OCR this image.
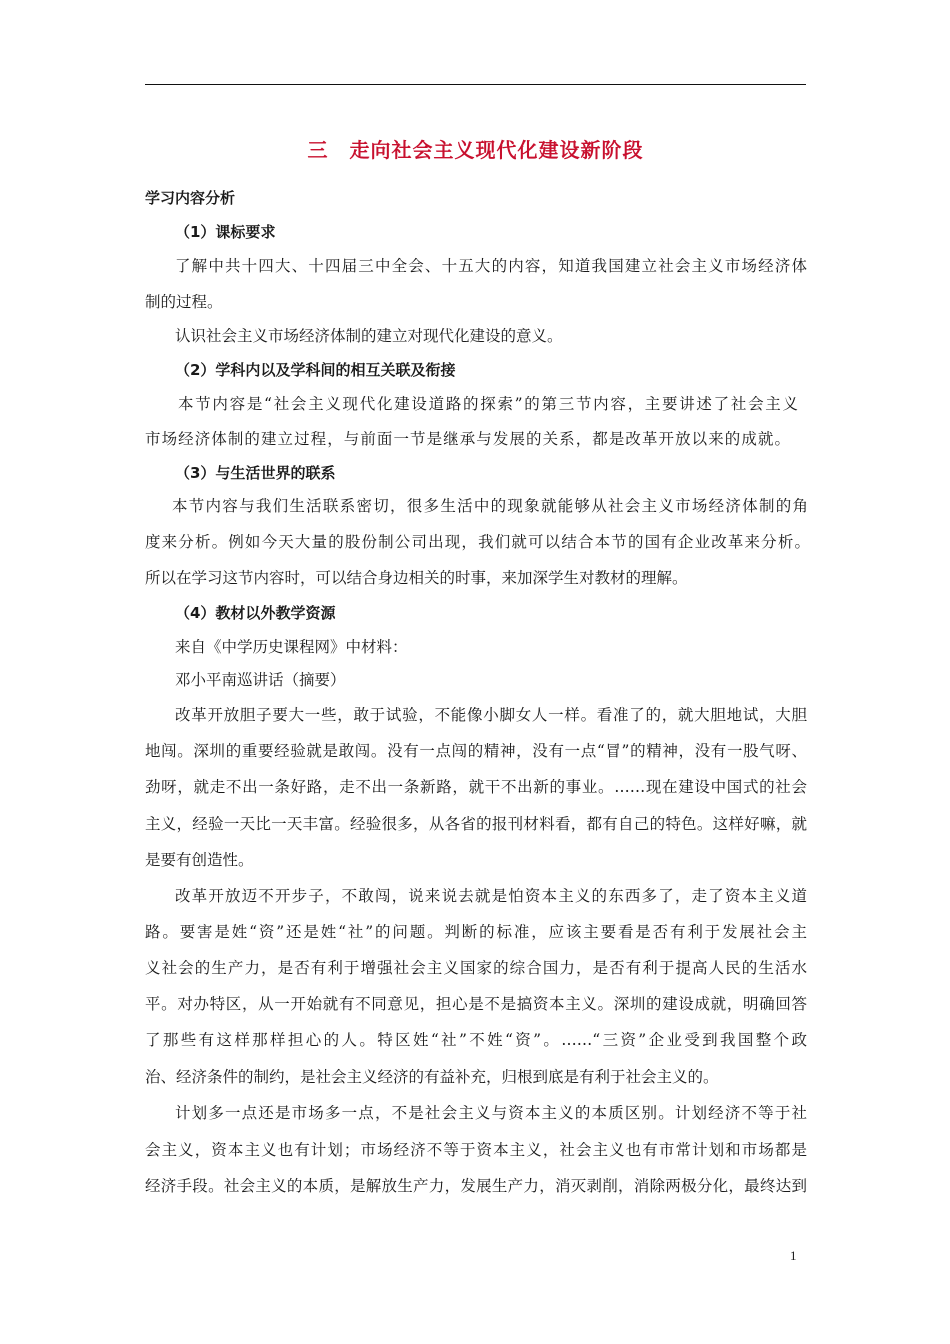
三　走向社会主义现代化建设新阶段
学习内容分析
（1）课标要求
了解中共十四大、十四届三中全会、十五大的内容，知道我国建立社会主义市场经济体
制的过程。
认识社会主义市场经济体制的建立对现代化建设的意义。
（2）学科内以及学科间的相互关联及衔接
本节内容是“社会主义现代化建设道路的探索”的第三节内容，主要讲述了社会主义
市场经济体制的建立过程，与前面一节是继承与发展的关系，都是改革开放以来的成就。
（3）与生活世界的联系
本节内容与我们生活联系密切，很多生活中的现象就能够从社会主义市场经济体制的角
度来分析。例如今天大量的股份制公司出现，我们就可以结合本节的国有企业改革来分析。
所以在学习这节内容时，可以结合身边相关的时事，来加深学生对教材的理解。
（4）教材以外教学资源
来自《中学历史课程网》中材料：
邓小平南巡讲话（摘要）
改革开放胆子要大一些，敢于试验，不能像小脚女人一样。看准了的，就大胆地试，大胆
地闯。深圳的重要经验就是敢闯。没有一点闯的精神，没有一点“冒”的精神，没有一股气呀、
劲呀，就走不出一条好路，走不出一条新路，就干不出新的事业。……现在建设中国式的社会
主义，经验一天比一天丰富。经验很多，从各省的报刊材料看，都有自己的特色。这样好嘛，就
是要有创造性。
改革开放迈不开步子，不敢闯，说来说去就是怕资本主义的东西多了，走了资本主义道
路。要害是姓“资”还是姓“社”的问题。判断的标准，应该主要看是否有利于发展社会主
义社会的生产力，是否有利于增强社会主义国家的综合国力，是否有利于提高人民的生活水
平。对办特区，从一开始就有不同意见，担心是不是搞资本主义。深圳的建设成就，明确回答
了那些有这样那样担心的人。特区姓“社”不姓“资”。……“三资”企业受到我国整个政
治、经济条件的制约，是社会主义经济的有益补充，归根到底是有利于社会主义的。
计划多一点还是市场多一点，不是社会主义与资本主义的本质区别。计划经济不等于社
会主义，资本主义也有计划；市场经济不等于资本主义，社会主义也有市常计划和市场都是
经济手段。社会主义的本质，是解放生产力，发展生产力，消灭剥削，消除两极分化，最终达到
1
